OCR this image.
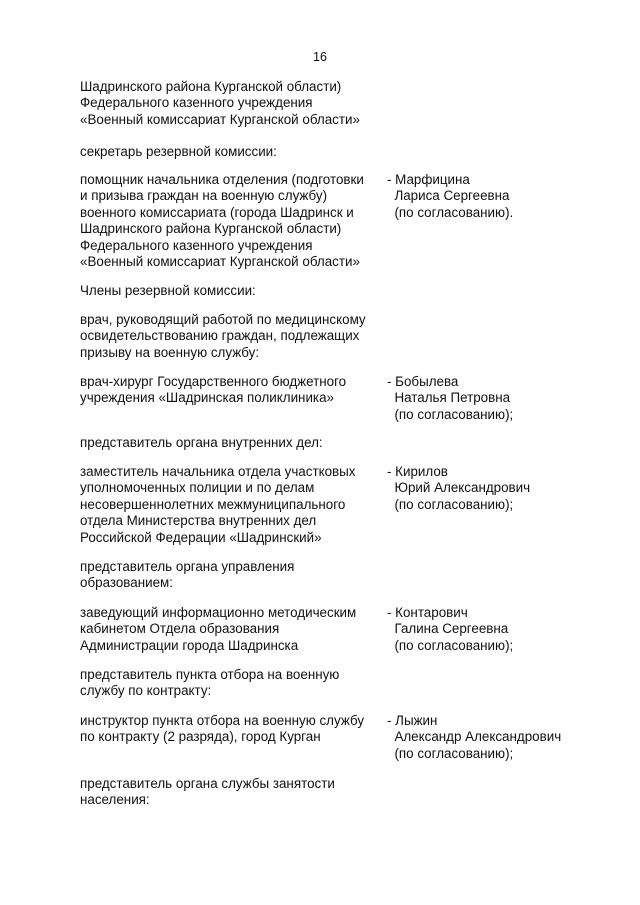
16
Шадринского района Курганской области)
Федерального казенного учреждения
«Военный комиссариат Курганской области»
секретарь резервной комиссии:
помощник начальника отделения (подготовки
и призыва граждан на военную службу)
военного комиссариата (города Шадринск и
Шадринского района Курганской области)
Федерального казенного учреждения
«Военный комиссариат Курганской области»
- Марфицина
Лариса Сергеевна
(по согласованию).
Члены резервной комиссии:
врач, руководящий работой по медицинскому
освидетельствованию граждан, подлежащих
призыву на военную службу:
врач-хирург Государственного бюджетного
учреждения «Шадринская поликлиника»
- Бобылева
Наталья Петровна
(по согласованию);
представитель органа внутренних дел:
заместитель начальника отдела участковых
уполномоченных полиции и по делам
несовершеннолетних межмуниципального
отдела Министерства внутренних дел
Российской Федерации «Шадринский»
- Кирилов
Юрий Александрович
(по согласованию);
представитель органа управления
образованием:
заведующий информационно методическим
кабинетом Отдела образования
Администрации города Шадринска
- Контарович
Галина Сергеевна
(по согласованию);
представитель пункта отбора на военную
службу по контракту:
инструктор пункта отбора на военную службу
по контракту (2 разряда), город Курган
- Лыжин
Александр Александрович
(по согласованию);
представитель органа службы занятости
населения:
